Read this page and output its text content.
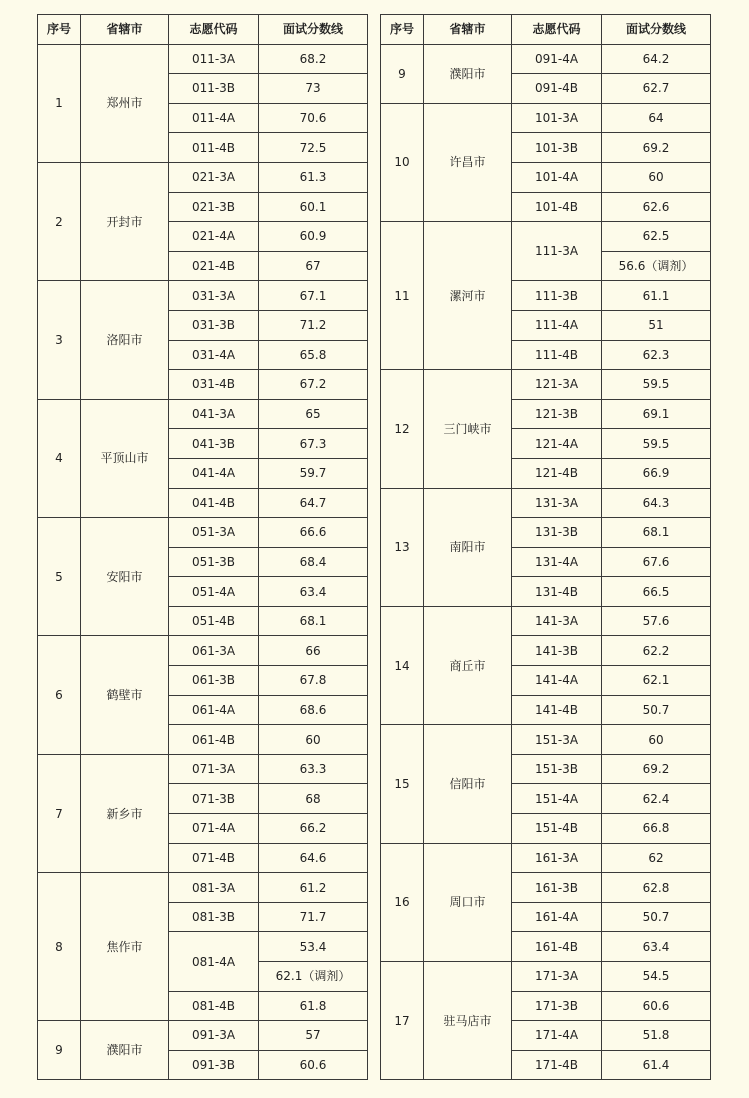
序号	省辖市	志愿代码	面试分数线
1	郑州市	011-3A	68.2
		011-3B	73
		011-4A	70.6
		011-4B	72.5
2	开封市	021-3A	61.3
		021-3B	60.1
		021-4A	60.9
		021-4B	67
3	洛阳市	031-3A	67.1
		031-3B	71.2
		031-4A	65.8
		031-4B	67.2
4	平顶山市	041-3A	65
		041-3B	67.3
		041-4A	59.7
		041-4B	64.7
5	安阳市	051-3A	66.6
		051-3B	68.4
		051-4A	63.4
		051-4B	68.1
6	鹤壁市	061-3A	66
		061-3B	67.8
		061-4A	68.6
		061-4B	60
7	新乡市	071-3A	63.3
		071-3B	68
		071-4A	66.2
		071-4B	64.6
8	焦作市	081-3A	61.2
		081-3B	71.7
		081-4A	53.4
			62.1（调剂）
		081-4B	61.8
9	濮阳市	091-3A	57
		091-3B	60.6
序号	省辖市	志愿代码	面试分数线
9	濮阳市	091-4A	64.2
		091-4B	62.7
10	许昌市	101-3A	64
		101-3B	69.2
		101-4A	60
		101-4B	62.6
11	漯河市	111-3A	62.5
			56.6（调剂）
		111-3B	61.1
		111-4A	51
		111-4B	62.3
12	三门峡市	121-3A	59.5
		121-3B	69.1
		121-4A	59.5
		121-4B	66.9
13	南阳市	131-3A	64.3
		131-3B	68.1
		131-4A	67.6
		131-4B	66.5
14	商丘市	141-3A	57.6
		141-3B	62.2
		141-4A	62.1
		141-4B	50.7
15	信阳市	151-3A	60
		151-3B	69.2
		151-4A	62.4
		151-4B	66.8
16	周口市	161-3A	62
		161-3B	62.8
		161-4A	50.7
		161-4B	63.4
17	驻马店市	171-3A	54.5
		171-3B	60.6
		171-4A	51.8
		171-4B	61.4
